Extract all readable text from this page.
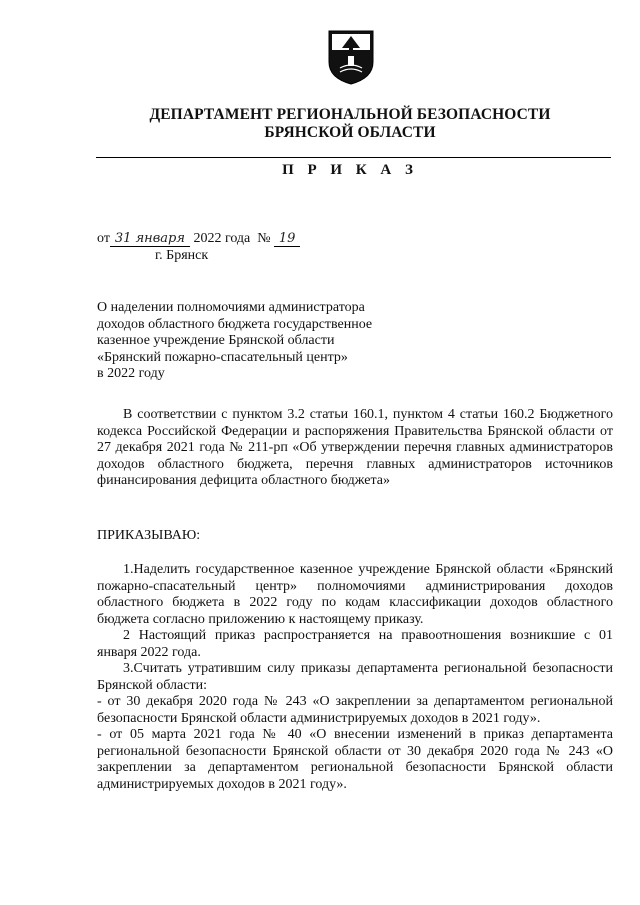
ДЕПАРТАМЕНТ РЕГИОНАЛЬНОЙ БЕЗОПАСНОСТИ
БРЯНСКОЙ ОБЛАСТИ
П Р И К А З
от 31 января 2022 года № 19
г. Брянск
О наделении полномочиями администратора
доходов областного бюджета государственное
казенное учреждение Брянской области
«Брянский пожарно-спасательный центр»
в 2022 году

В соответствии с пунктом 3.2 статьи 160.1, пунктом 4 статьи 160.2 Бюджетного кодекса Российской Федерации и распоряжения Правительства Брянской области от 27 декабря 2021 года № 211-рп «Об утверждении перечня главных администраторов доходов областного бюджета, перечня главных администраторов источников финансирования дефицита областного бюджета»

ПРИКАЗЫВАЮ:

1.Наделить государственное казенное учреждение Брянской области «Брянский пожарно-спасательный центр» полномочиями администрирования доходов областного бюджета в 2022 году по кодам классификации доходов областного бюджета согласно приложению к настоящему приказу.

2 Настоящий приказ распространяется на правоотношения возникшие с 01 января 2022 года.

3.Считать утратившим силу приказы департамента региональной безопасности Брянской области:

- от 30 декабря 2020 года № 243 «О закреплении за департаментом региональной безопасности Брянской области администрируемых доходов в 2021 году».

- от 05 марта 2021 года № 40 «О внесении изменений в приказ департамента региональной безопасности Брянской области от 30 декабря 2020 года № 243 «О закреплении за департаментом региональной безопасности Брянской области администрируемых доходов в 2021 году».
